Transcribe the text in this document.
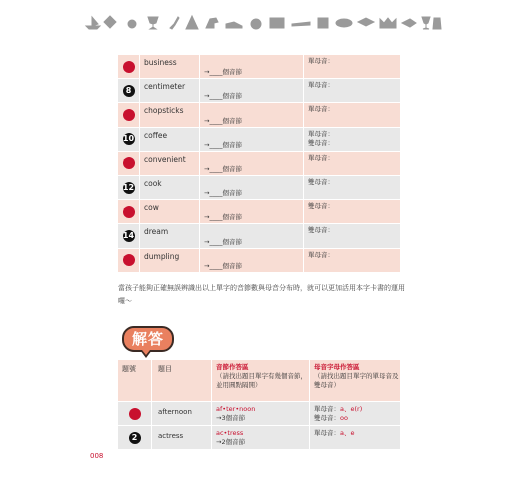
7	business
→____個音節
單母音：
8	centimeter
→____個音節
單母音：
9	chopsticks
→____個音節
單母音：
10	coffee
→____個音節
單母音：
雙母音：
11	convenient
→____個音節
單母音：
12	cook
→____個音節
雙母音：
13	cow
→____個音節
雙母音：
14	dream
→____個音節
雙母音：
15	dumpling
→____個音節
單母音：

當孩子能夠正確無誤辨識出以上單字的音節數與母音分布時，就可以更加活用本字卡書的運用囉～

解答
題號	題目	音節作答區
（請找出題目單字有幾個音節，並用圓點隔開）
母音字母作答區
（請找出題目單字的單母音及雙母音）
1	afternoon	af•ter•noon
→3個音節
單母音：a、e(r)
雙母音：oo
2	actress	ac•tress
→2個音節
單母音：a、e
008
